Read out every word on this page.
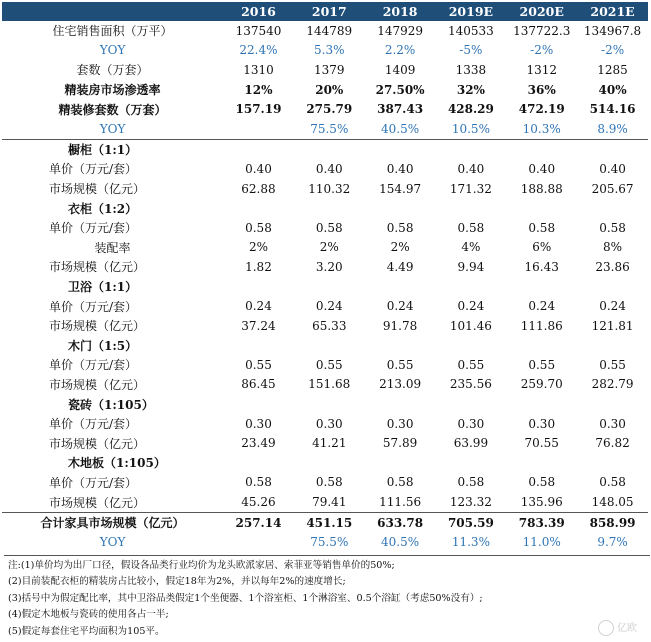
	2016	2017	2018	2019E	2020E	2021E
住宅销售面积（万平）	137540	144789	147929	140533	137722.3	134967.8
YOY	22.4%	5.3%	2.2%	-5%	-2%	-2%
套数（万套）	1310	1379	1409	1338	1312	1285
精装房市场渗透率	12%	20%	27.50%	32%	36%	40%
精装修套数（万套）	157.19	275.79	387.43	428.29	472.19	514.16
YOY		75.5%	40.5%	10.5%	10.3%	8.9%
橱柜（1:1）						
单价（万元/套）	0.40	0.40	0.40	0.40	0.40	0.40
市场规模（亿元）	62.88	110.32	154.97	171.32	188.88	205.67
衣柜（1:2）						
单价（万元/套）	0.58	0.58	0.58	0.58	0.58	0.58
装配率	2%	2%	2%	4%	6%	8%
市场规模（亿元）	1.82	3.20	4.49	9.94	16.43	23.86
卫浴（1:1）						
单价（万元/套）	0.24	0.24	0.24	0.24	0.24	0.24
市场规模（亿元）	37.24	65.33	91.78	101.46	111.86	121.81
木门（1:5）						
单价（万元/套）	0.55	0.55	0.55	0.55	0.55	0.55
市场规模（亿元）	86.45	151.68	213.09	235.56	259.70	282.79
瓷砖（1:105）						
单价（万元/套）	0.30	0.30	0.30	0.30	0.30	0.30
市场规模（亿元）	23.49	41.21	57.89	63.99	70.55	76.82
木地板（1:105）						
单价（万元/套）	0.58	0.58	0.58	0.58	0.58	0.58
市场规模（亿元）	45.26	79.41	111.56	123.32	135.96	148.05
合计家具市场规模（亿元）	257.14	451.15	633.78	705.59	783.39	858.99
YOY		75.5%	40.5%	11.3%	11.0%	9.7%
注:(1)单价均为出厂口径，假设各品类行业均价为龙头欧派家居、索菲亚等销售单价的50%;
(2)目前装配衣柜的精装房占比较小，假定18年为2%，并以每年2%的速度增长;
(3)括号中为假定配比率，其中卫浴品类假定1个坐便器、1个浴室柜、1个淋浴室、0.5个浴缸（考虑50%没有）;
(4)假定木地板与瓷砖的使用各占一半;
(5)假定每套住宅平均面积为105平。	亿欧
